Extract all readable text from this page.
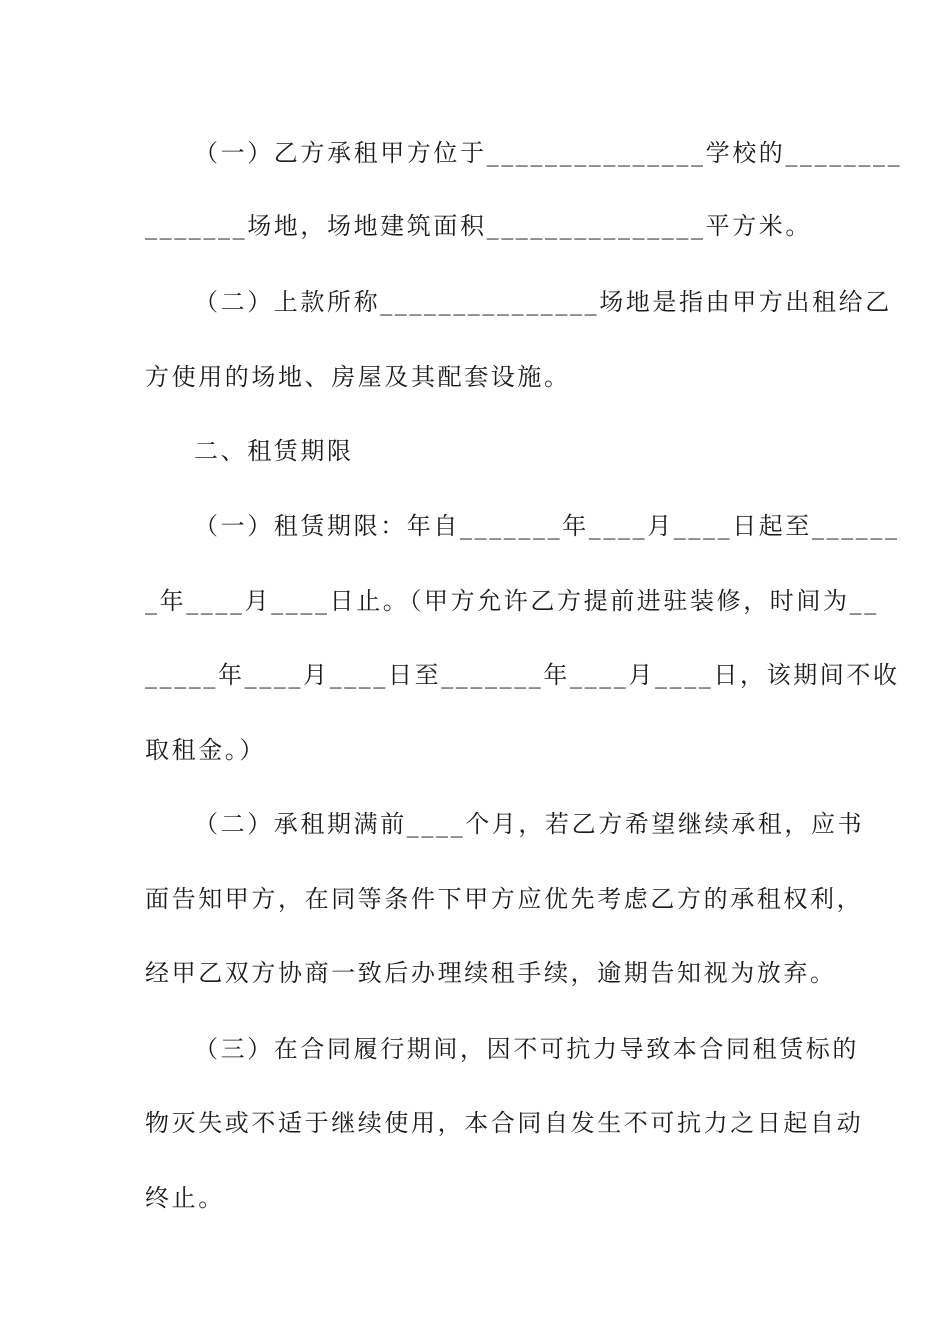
（一）乙方承租甲方位于_______________学校的________
_______场地，场地建筑面积_______________平方米。
（二）上款所称_______________场地是指由甲方出租给乙
方使用的场地、房屋及其配套设施。
二、租赁期限
（一）租赁期限：年自_______年____月____日起至______
_年____月____日止。（甲方允许乙方提前进驻装修，时间为__
_____年____月____日至_______年____月____日，该期间不收
取租金。）
（二）承租期满前____个月，若乙方希望继续承租，应书
面告知甲方，在同等条件下甲方应优先考虑乙方的承租权利，
经甲乙双方协商一致后办理续租手续，逾期告知视为放弃。
（三）在合同履行期间，因不可抗力导致本合同租赁标的
物灭失或不适于继续使用，本合同自发生不可抗力之日起自动
终止。
